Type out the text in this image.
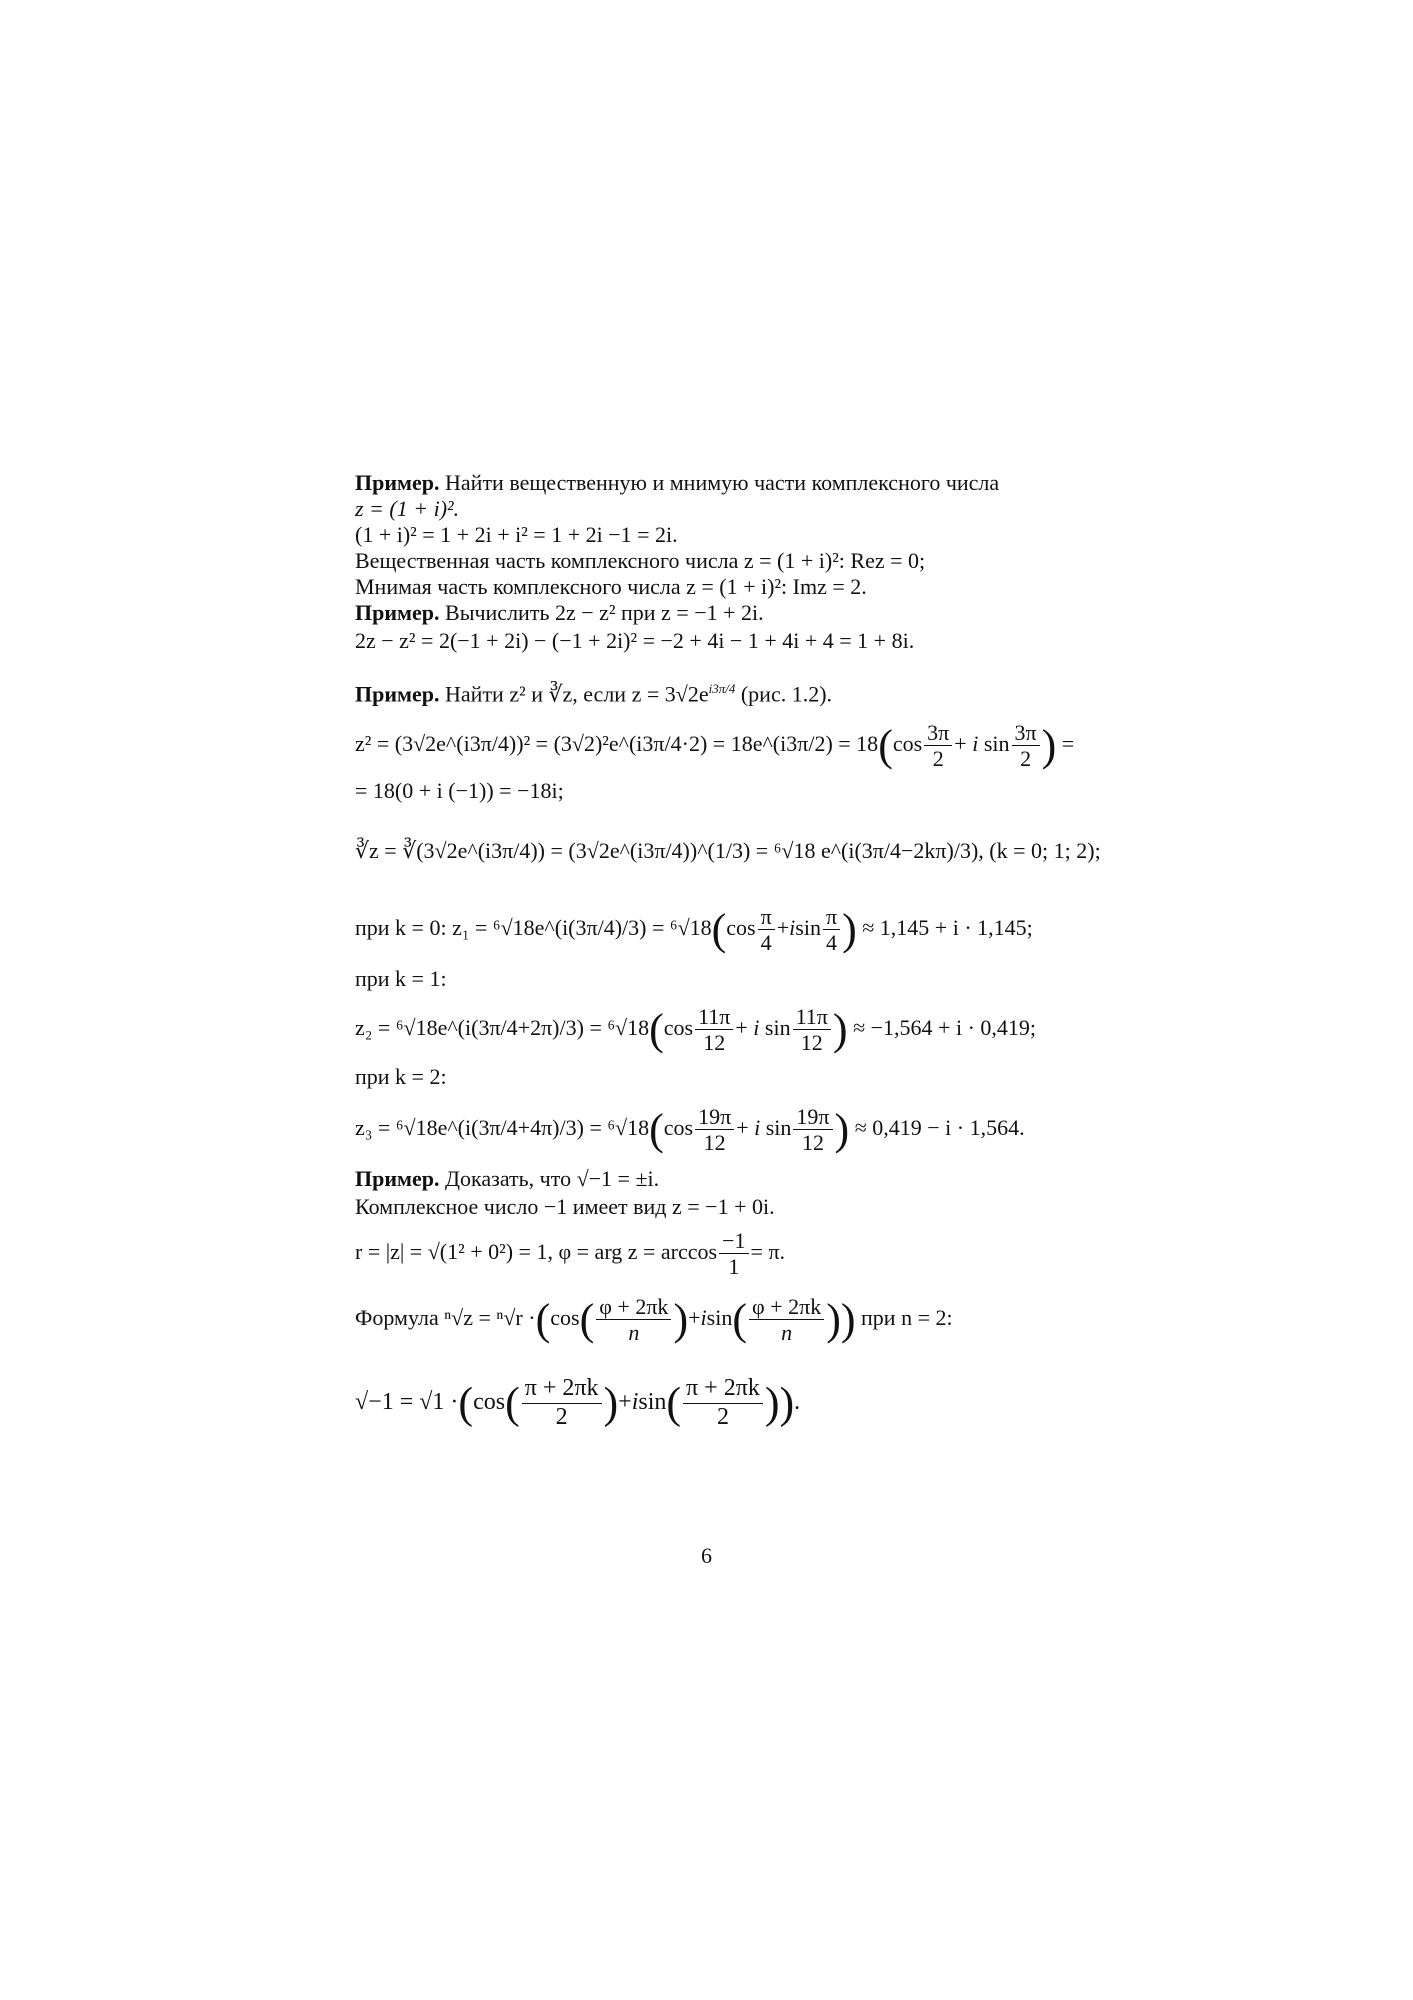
Пример. Найти вещественную и мнимую части комплексного числа
z = (1 + i)².
(1 + i)² = 1 + 2i + i² = 1 + 2i −1 = 2i.
Вещественная часть комплексного числа z = (1 + i)²: Rez = 0;
Мнимая часть комплексного числа z = (1 + i)²: Imz = 2.
Пример. Вычислить 2z − z² при z = −1 + 2i.
2z − z² = 2(−1 + 2i) − (−1 + 2i)² = −2 + 4i − 1 + 4i + 4 = 1 + 8i.
Пример. Найти z² и ∛z, если $z = 3√2e^{i3\pi/4}$ (рис. 1.2).
z² = (3√2e^(i3π/4))² = (3√2)²e^(i3π/4·2) = 18e^(i3π/2) = $18(\cos \frac{3\pi}{2} + i$ $\sin \frac{3\pi}{2}$ ) =
= 18(0 + i (−1)) = −18i;
∛z = ∛(3√2e^(i3π/4)) = (3√2e^(i3π/4))^(1/3) = ⁶√18 e^(i(3π/4−2kπ)/3), (k = 0; 1; 2);
при k = 0: z₁ = ⁶√18e^(i(3π/4)/3) = $^6√18(\cos \frac{\pi}{4} +isin \frac{\pi}{4}$ ) ≈ 1,145 + i · 1,145;
при k = 1:
z₂ = ⁶√18e^(i(3π/4+2π)/3) = $^6√18(\cos \frac{11\pi}{12} + i$ $\sin \frac{11\pi}{12}$ ) ≈ −1,564 + i · 0,419;
при k = 2:
z₃ = ⁶√18e^(i(3π/4+4π)/3) = $^6√18(\cos \frac{19\pi}{12} + i$ $\sin \frac{19\pi}{12}$ ) ≈ 0,419 − i · 1,564.
Пример. Доказать, что √−1 = ±i.
Комплексное число −1 имеет вид z = −1 + 0i.
r = |z| = √(1² + 0²) = 1, φ = arg $z = \arccos \frac{-1}{1} = \pi$.
Формула $^n√z = ^n√r \cdot(\cos( \frac{\varphi + 2\pi k}{n} )+isin( \frac{\varphi + 2\pi k}{n}$ )) при n = 2:
$√-1 = √1 \cdot(\cos( \frac{\pi + 2\pi k}{2} )+isin( \frac{\pi + 2\pi k}{2}$ )).
6
